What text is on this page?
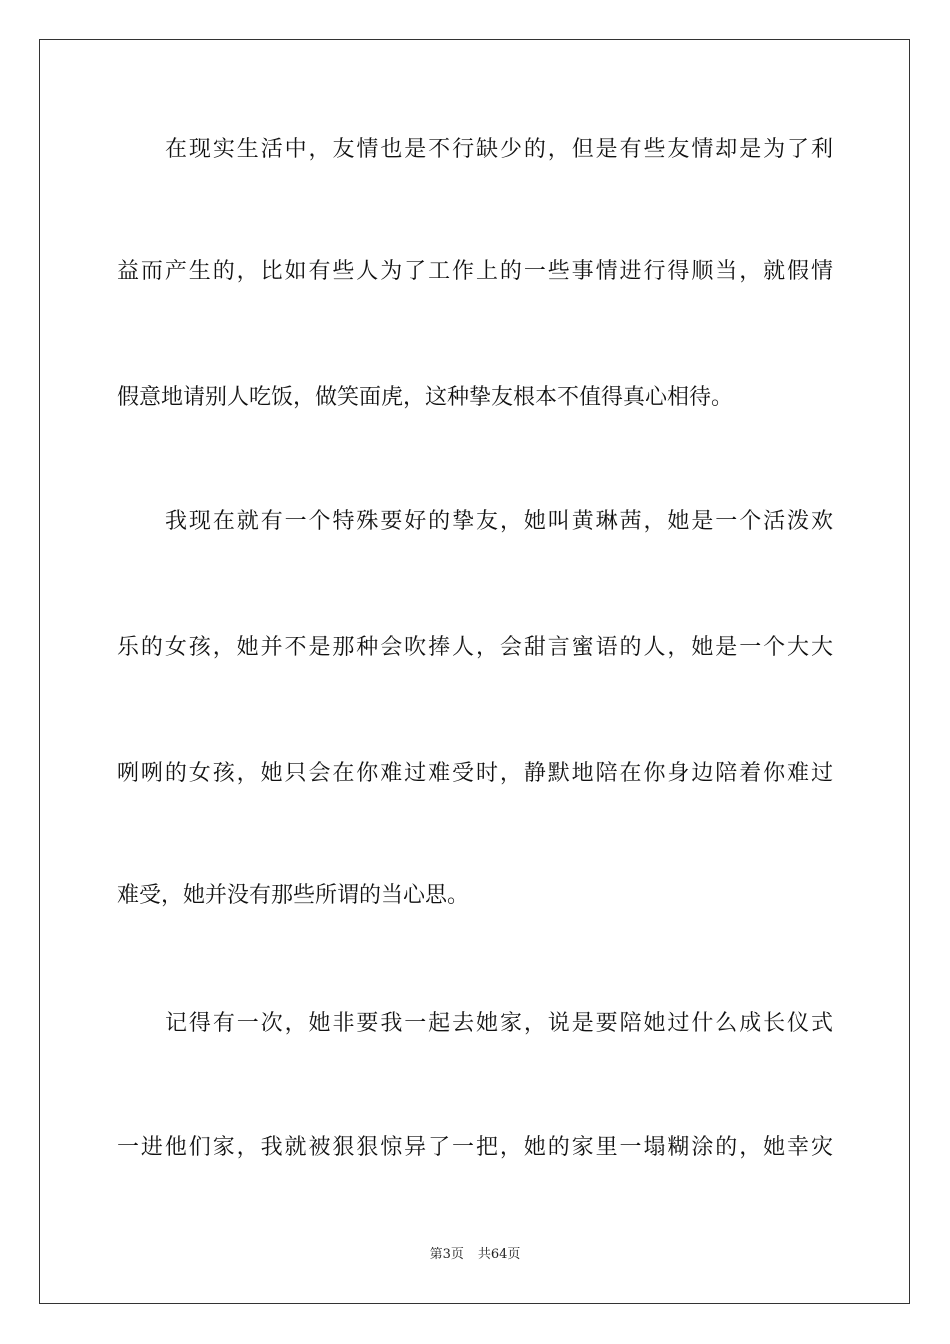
在现实生活中，友情也是不行缺少的，但是有些友情却是为了利
益而产生的，比如有些人为了工作上的一些事情进行得顺当，就假情
假意地请别人吃饭，做笑面虎，这种挚友根本不值得真心相待。
我现在就有一个特殊要好的挚友，她叫黄琳茜，她是一个活泼欢
乐的女孩，她并不是那种会吹捧人，会甜言蜜语的人，她是一个大大
咧咧的女孩，她只会在你难过难受时，静默地陪在你身边陪着你难过
难受，她并没有那些所谓的当心思。
记得有一次，她非要我一起去她家，说是要陪她过什么成长仪式
一进他们家，我就被狠狠惊异了一把，她的家里一塌糊涂的，她幸灾
第3页 共64页
